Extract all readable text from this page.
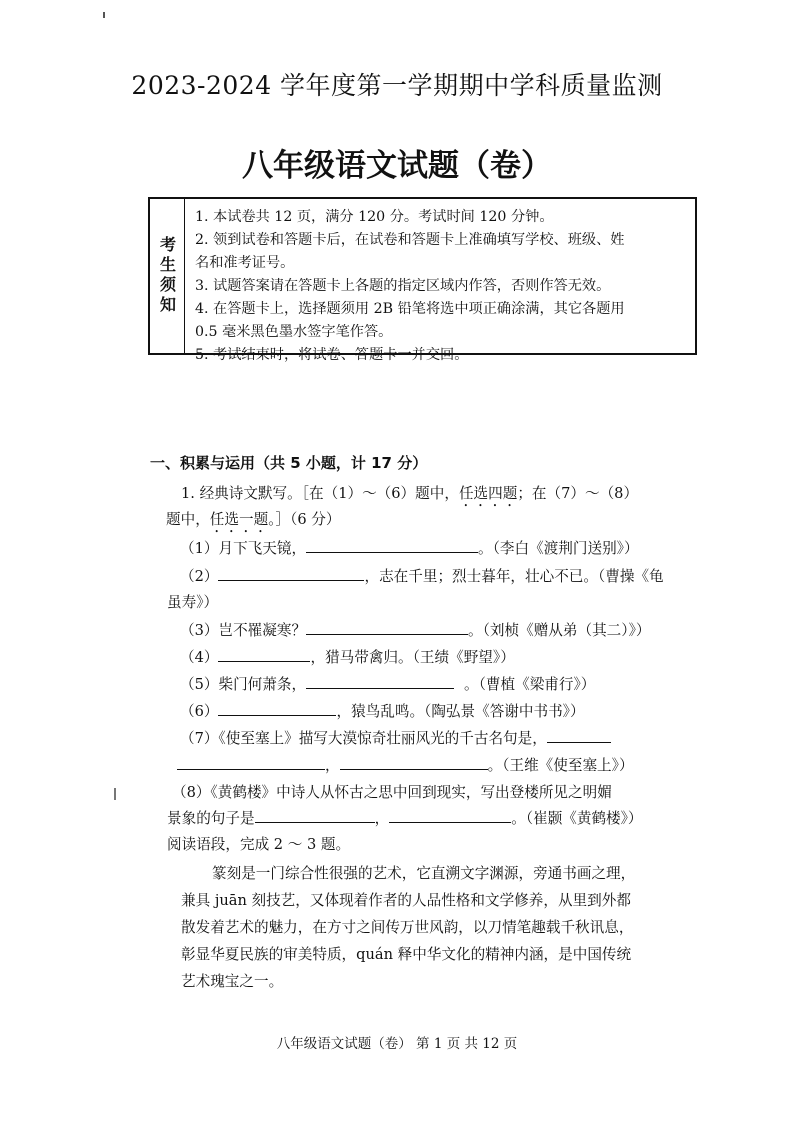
2023-2024 学年度第一学期期中学科质量监测
八年级语文试题（卷）
考生须知
1. 本试卷共 12 页，满分 120 分。考试时间 120 分钟。
2. 领到试卷和答题卡后，在试卷和答题卡上准确填写学校、班级、姓
名和准考证号。
3. 试题答案请在答题卡上各题的指定区域内作答，否则作答无效。
4. 在答题卡上，选择题须用 2B 铅笔将选中项正确涂满，其它各题用
0.5 毫米黑色墨水签字笔作答。
5. 考试结束时，将试卷、答题卡一并交回。
一、积累与运用（共 5 小题，计 17 分）
1. 经典诗文默写。［在（1）～（6）题中，任选四题；在（7）～（8）
题中，任选一题。］（6 分）
（1）月下飞天镜，	。（李白《渡荆门送别》）
（2）	，志在千里；烈士暮年，壮心不已。（曹操《龟
虽寿》）
（3）岂不罹凝寒？	。（刘桢《赠从弟（其二）》）
（4）	，猎马带禽归。（王绩《野望》）
（5）柴门何萧条，	。（曹植《梁甫行》）
（6）	，猿鸟乱鸣。（陶弘景《答谢中书书》）
（7）《使至塞上》描写大漠惊奇壮丽风光的千古名句是，
，	。（王维《使至塞上》）
（8）《黄鹤楼》中诗人从怀古之思中回到现实，写出登楼所见之明媚
景象的句子是	，	。（崔颢《黄鹤楼》）
阅读语段，完成 2 ～ 3 题。
篆刻是一门综合性很强的艺术，它直溯文字渊源，旁通书画之理，
兼具 juān 刻技艺，又体现着作者的人品性格和文学修养，从里到外都
散发着艺术的魅力，在方寸之间传万世风韵，以刀情笔趣载千秋讯息，
彰显华夏民族的审美特质，quán 释中华文化的精神内涵，是中国传统
艺术瑰宝之一。
八年级语文试题（卷） 第 1 页 共 12 页
